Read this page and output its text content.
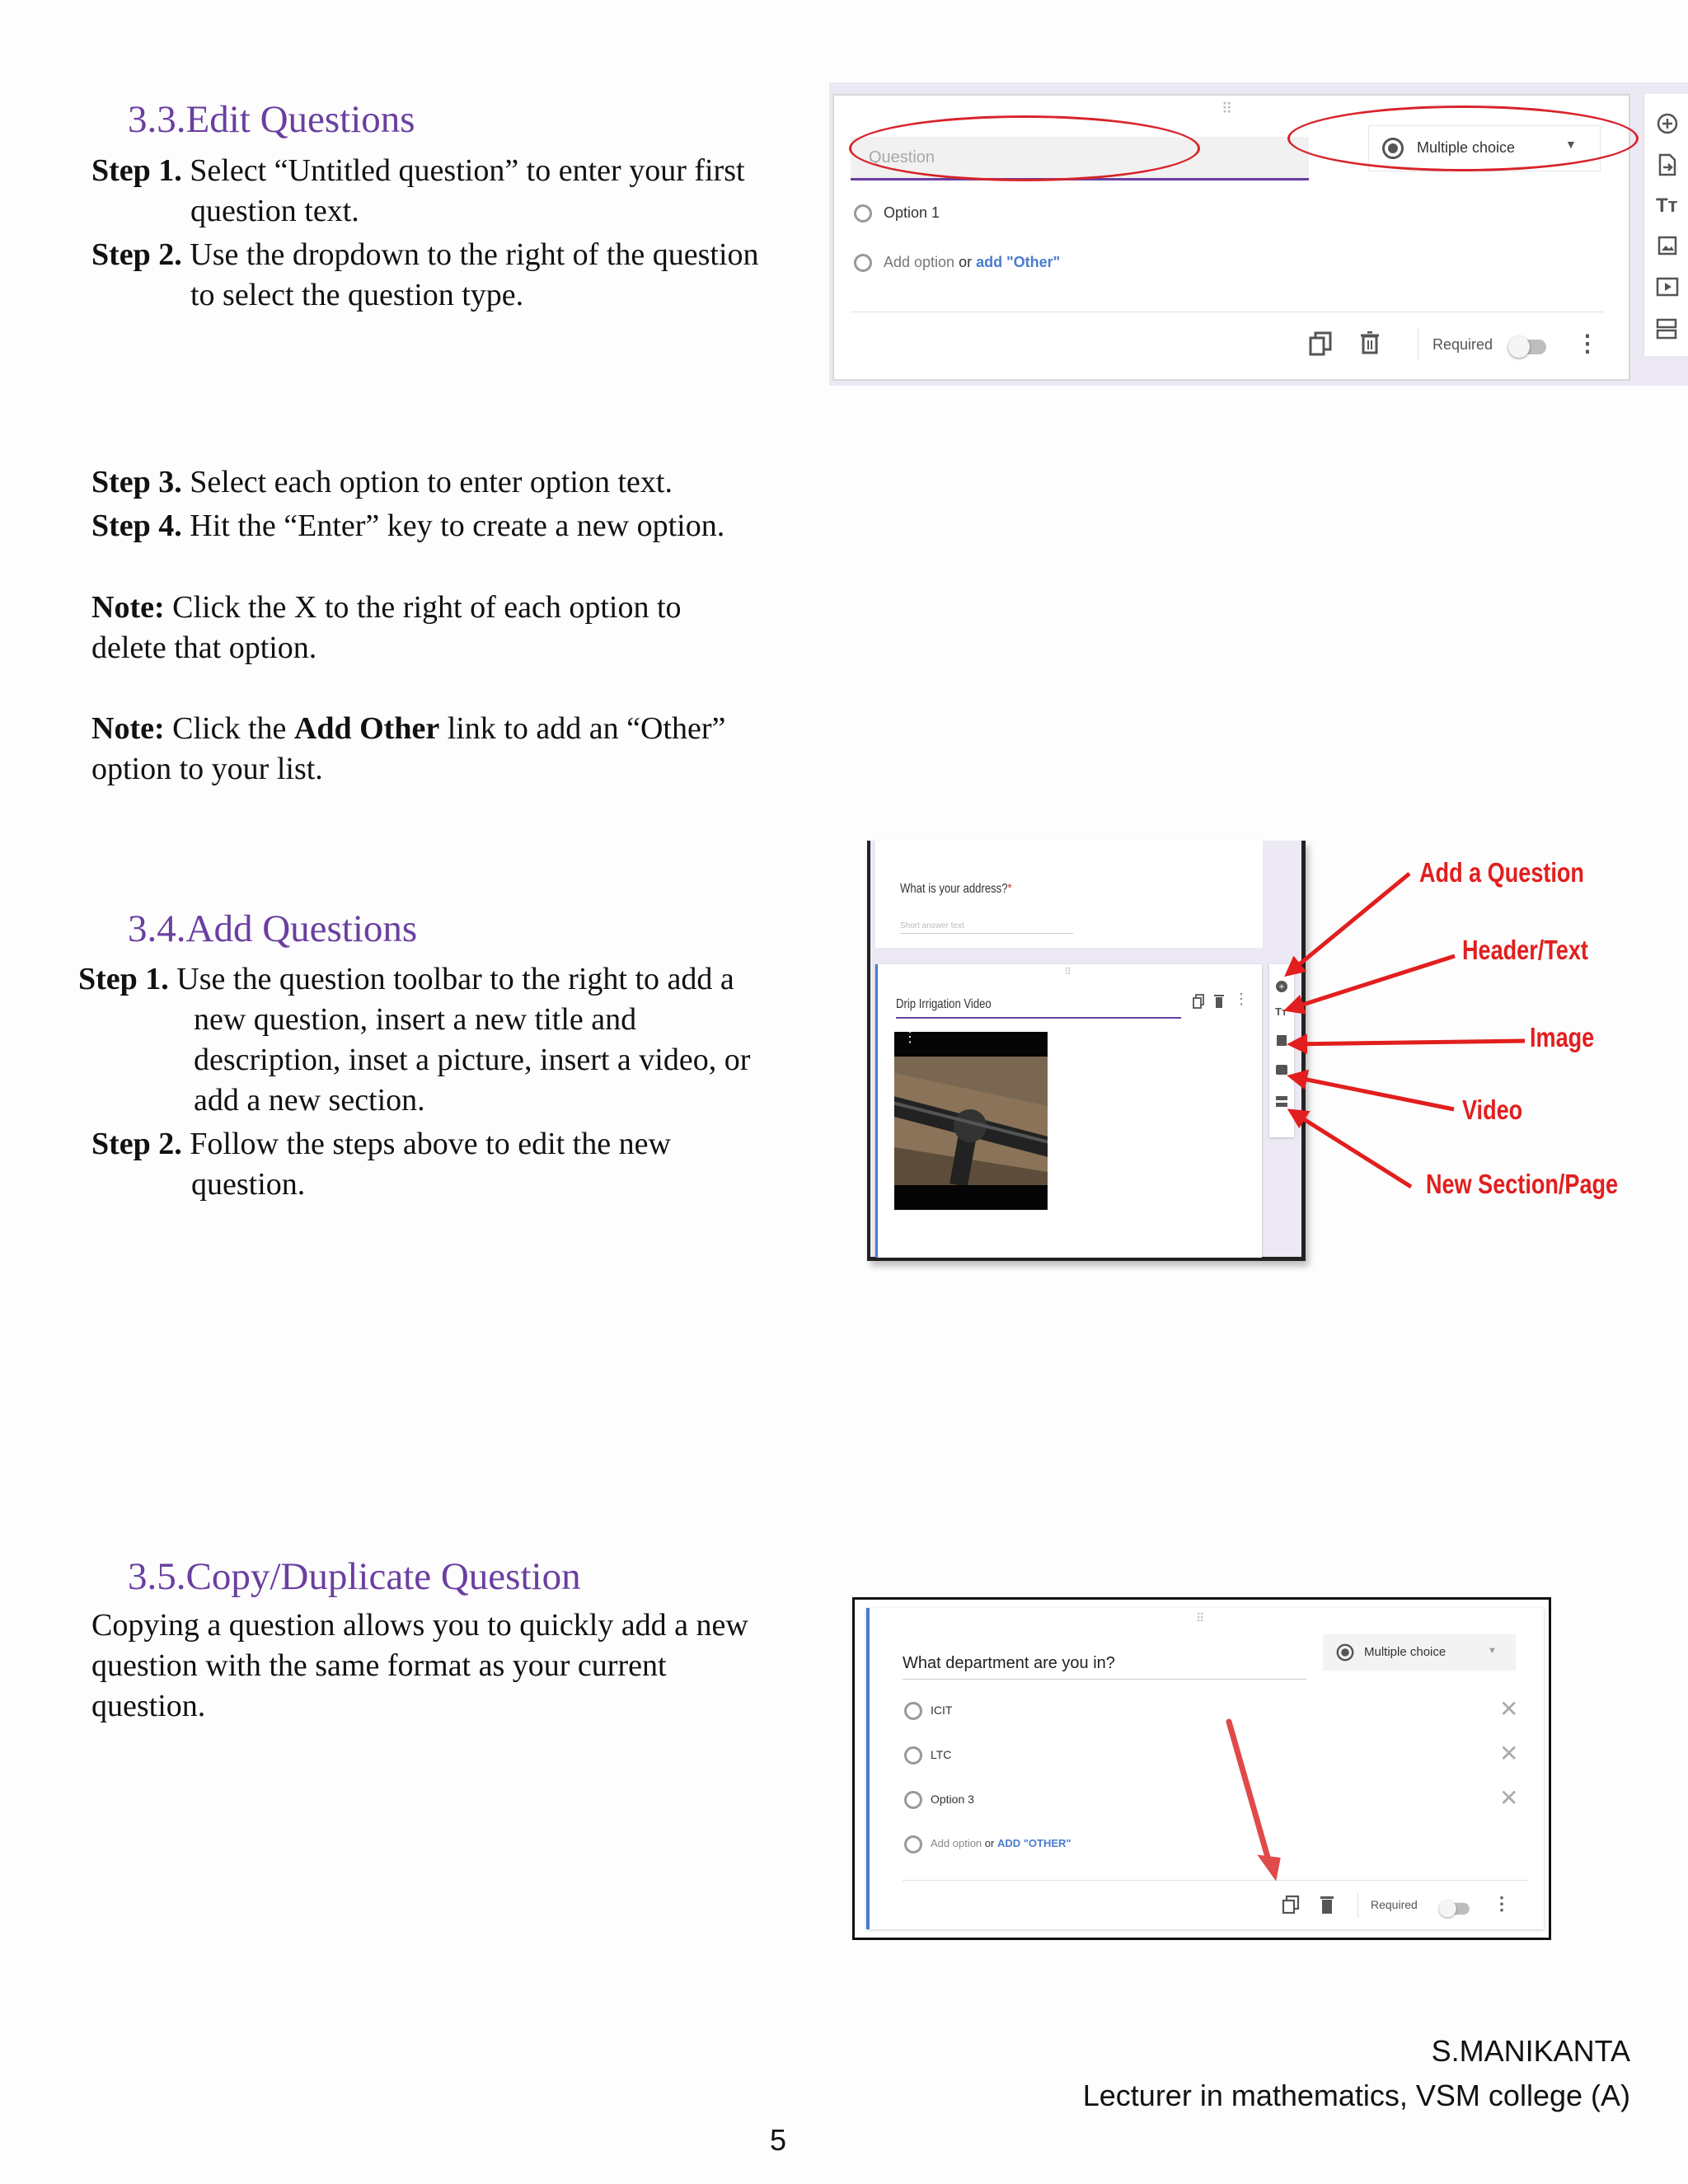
3.3.Edit Questions
Step 1. Select “Untitled question” to enter your first
question text.
Step 2. Use the dropdown to the right of the question
to select the question type.
Step 3. Select each option to enter option text.
Step 4. Hit the “Enter” key to create a new option.
Note: Click the X to the right of each option to
delete that option.
Note: Click the Add Other link to add an “Other”
option to your list.
⠿
Question
Multiple choice	▼
Option 1
Add option or add "Other"
Required	⋮
Tт
3.4.Add Questions
Step 1. Use the question toolbar to the right to add a
new question, insert a new title and
description, inset a picture, insert a video, or
add a new section.
Step 2. Follow the steps above to edit the new
question.
What is your address?*
Short answer text
⠿
Drip Irrigation Video	⋮
⋮
+
Tт
Add a Question
Header/Text
Image
Video
New Section/Page
3.5.Copy/Duplicate Question
Copying a question allows you to quickly add a new
question with the same format as your current
question.
⠿
What department are you in?
Multiple choice	▼
ICIT	✕
LTC	✕
Option 3	✕
Add option or ADD "OTHER"
Required	⋮
S.MANIKANTA
Lecturer in mathematics, VSM college (A)
5
